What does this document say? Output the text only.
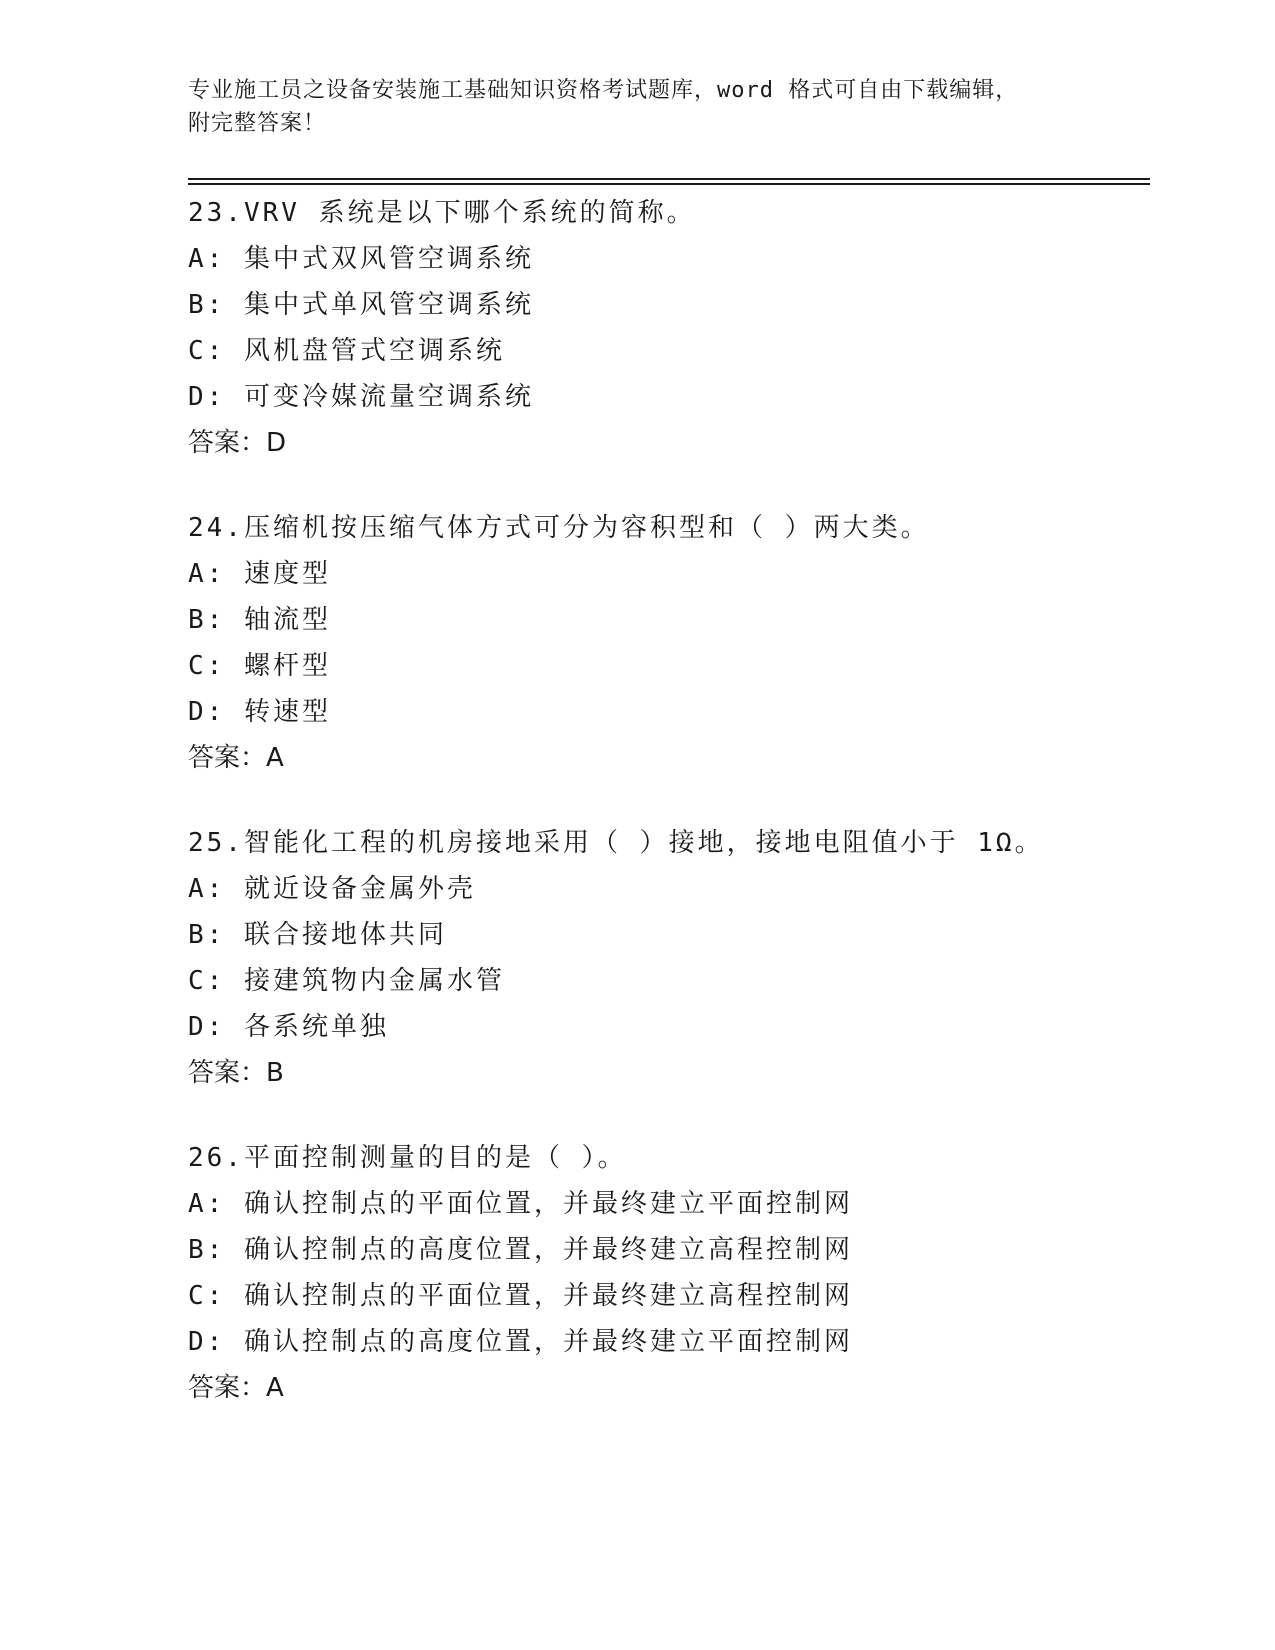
专业施工员之设备安装施工基础知识资格考试题库，word 格式可自由下载编辑，
附完整答案！
23.VRV 系统是以下哪个系统的简称。
A: 集中式双风管空调系统
B: 集中式单风管空调系统
C: 风机盘管式空调系统
D: 可变冷媒流量空调系统
答案：D
24.压缩机按压缩气体方式可分为容积型和（ ）两大类。
A: 速度型
B: 轴流型
C: 螺杆型
D: 转速型
答案：A
25.智能化工程的机房接地采用（ ）接地，接地电阻值小于 1Ω。
A: 就近设备金属外壳
B: 联合接地体共同
C: 接建筑物内金属水管
D: 各系统单独
答案：B
26.平面控制测量的目的是（ ）。
A: 确认控制点的平面位置，并最终建立平面控制网
B: 确认控制点的高度位置，并最终建立高程控制网
C: 确认控制点的平面位置，并最终建立高程控制网
D: 确认控制点的高度位置，并最终建立平面控制网
答案：A
